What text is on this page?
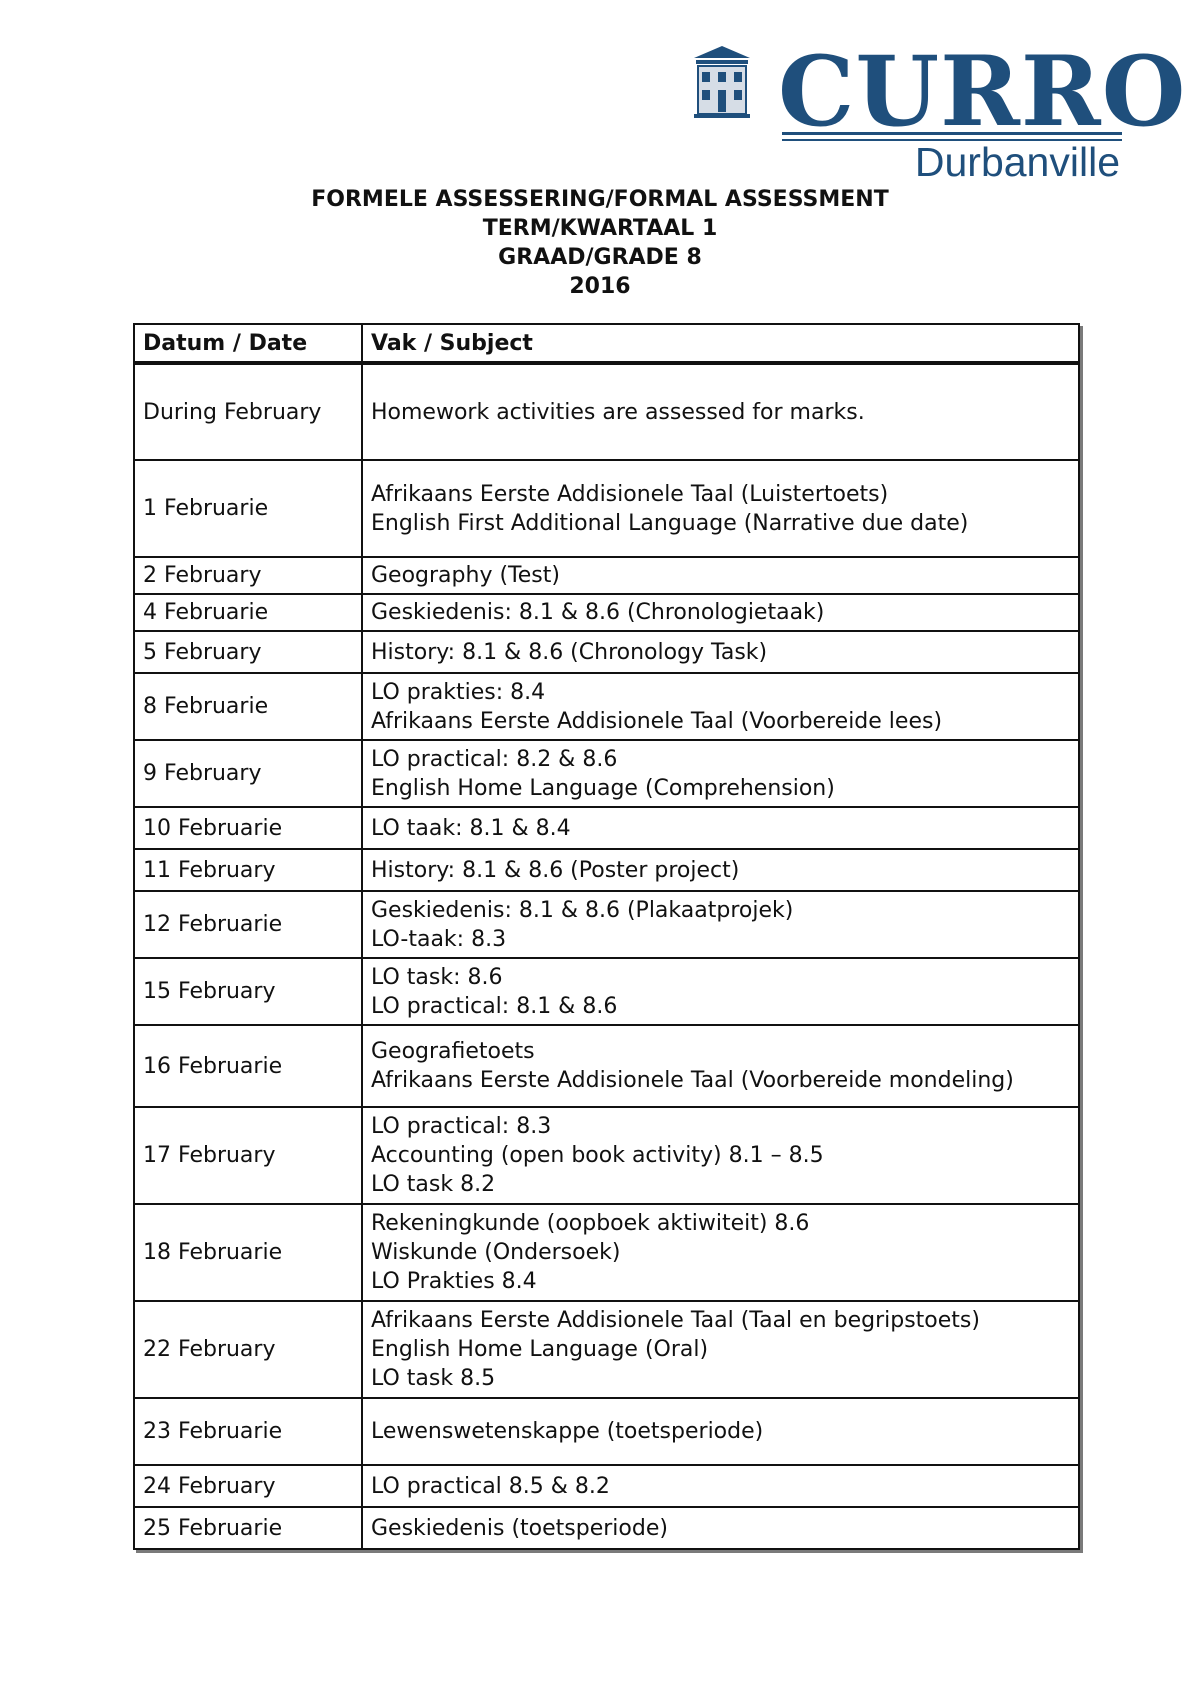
CURRO
Durbanville
FORMELE ASSESSERING/FORMAL ASSESSMENT
TERM/KWARTAAL 1
GRAAD/GRADE 8
2016
Datum / Date	Vak / Subject
During February	Homework activities are assessed for marks.

1 Februarie	Afrikaans Eerste Addisionele Taal (Luistertoets)
English First Additional Language (Narrative due date)

2 February	Geography (Test)

4 Februarie	Geskiedenis: 8.1 & 8.6 (Chronologietaak)

5 February	History: 8.1 & 8.6 (Chronology Task)

8 Februarie	LO prakties: 8.4
Afrikaans Eerste Addisionele Taal (Voorbereide lees)

9 February	LO practical: 8.2 & 8.6
English Home Language (Comprehension)

10 Februarie	LO taak: 8.1 & 8.4

11 February	History: 8.1 & 8.6 (Poster project)

12 Februarie	Geskiedenis: 8.1 & 8.6 (Plakaatprojek)
LO-taak: 8.3

15 February	LO task: 8.6
LO practical: 8.1 & 8.6

16 Februarie	Geografietoets
Afrikaans Eerste Addisionele Taal (Voorbereide mondeling)

17 February	LO practical: 8.3
Accounting (open book activity) 8.1 – 8.5
LO task 8.2

18 Februarie	Rekeningkunde (oopboek aktiwiteit) 8.6
Wiskunde (Ondersoek)
LO Prakties 8.4

22 February	Afrikaans Eerste Addisionele Taal (Taal en begripstoets)
English Home Language (Oral)
LO task 8.5

23 Februarie	Lewenswetenskappe (toetsperiode)

24 February	LO practical 8.5 & 8.2

25 Februarie	Geskiedenis (toetsperiode)
